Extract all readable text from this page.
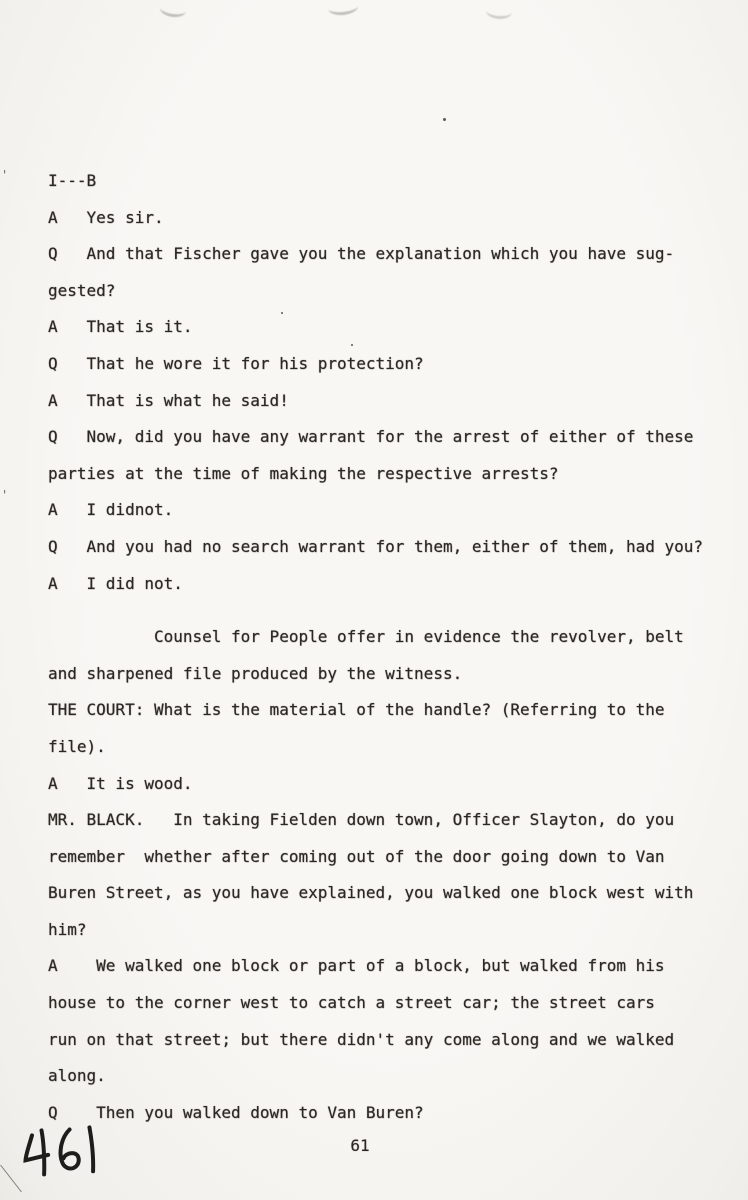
'
'
I---B
A   Yes sir.
Q   And that Fischer gave you the explanation which you have sug-
gested?
A   That is it.
Q   That he wore it for his protection?
A   That is what he said!
Q   Now, did you have any warrant for the arrest of either of these
parties at the time of making the respective arrests?
A   I didnot.
Q   And you had no search warrant for them, either of them, had you?
A   I did not.
Counsel for People offer in evidence the revolver, belt
and sharpened file produced by the witness.
THE COURT: What is the material of the handle? (Referring to the
file).
A   It is wood.
MR. BLACK.   In taking Fielden down town, Officer Slayton, do you
remember  whether after coming out of the door going down to Van
Buren Street, as you have explained, you walked one block west with
him?
A    We walked one block or part of a block, but walked from his
house to the corner west to catch a street car; the street cars
run on that street; but there didn't any come along and we walked
along.
Q    Then you walked down to Van Buren?
61
